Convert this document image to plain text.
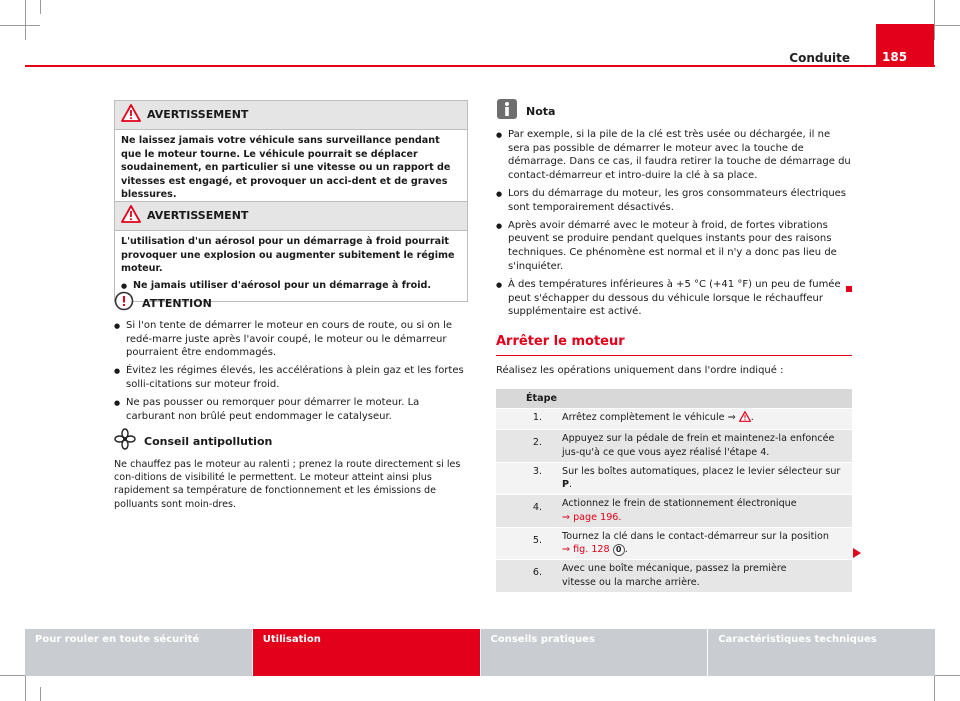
Conduite	185
AVERTISSEMENT

Ne laissez jamais votre véhicule sans surveillance pendant que le moteur tourne. Le véhicule pourrait se déplacer soudainement, en particulier si une vitesse ou un rapport de vitesses est engagé, et provoquer un acci-dent et de graves blessures.

AVERTISSEMENT

L'utilisation d'un aérosol pour un démarrage à froid pourrait provoquer une explosion ou augmenter subitement le régime moteur.

● Ne jamais utiliser d'aérosol pour un démarrage à froid.
ATTENTION
● Si l'on tente de démarrer le moteur en cours de route, ou si on le redé-marre juste après l'avoir coupé, le moteur ou le démarreur pourraient être endommagés.
● Évitez les régimes élevés, les accélérations à plein gaz et les fortes solli-citations sur moteur froid.
● Ne pas pousser ou remorquer pour démarrer le moteur. La carburant non brûlé peut endommager le catalyseur.
Conseil antipollution

Ne chauffez pas le moteur au ralenti ; prenez la route directement si les con-ditions de visibilité le permettent. Le moteur atteint ainsi plus rapidement sa température de fonctionnement et les émissions de polluants sont moin-dres.

Nota
● Par exemple, si la pile de la clé est très usée ou déchargée, il ne sera pas possible de démarrer le moteur avec la touche de démarrage. Dans ce cas, il faudra retirer la touche de démarrage du contact-démarreur et intro-duire la clé à sa place.
● Lors du démarrage du moteur, les gros consommateurs électriques sont temporairement désactivés.
● Après avoir démarré avec le moteur à froid, de fortes vibrations peuvent se produire pendant quelques instants pour des raisons techniques. Ce phénomène est normal et il n'y a donc pas lieu de s'inquiéter.
● À des températures inférieures à +5 °C (+41 °F) un peu de fumée peut s'échapper du dessous du véhicule lorsque le réchauffeur supplémentaire est activé.
Arrêter le moteur
Réalisez les opérations uniquement dans l'ordre indiqué :
Étape	
1.	Arrêtez complètement le véhicule ⇒ .
2.	Appuyez sur la pédale de frein et maintenez-la enfoncée jus-qu'à ce que vous ayez réalisé l'étape 4.
3.	Sur les boîtes automatiques, placez le levier sélecteur sur P.
4.	Actionnez le frein de stationnement électronique
⇒ page 196.
5.	Tournez la clé dans le contact-démarreur sur la position
⇒ fig. 128 0 .
6.	Avec une boîte mécanique, passez la première vitesse ou la marche arrière.
Pour rouler en toute sécurité	Utilisation	Conseils pratiques	Caractéristiques techniques
